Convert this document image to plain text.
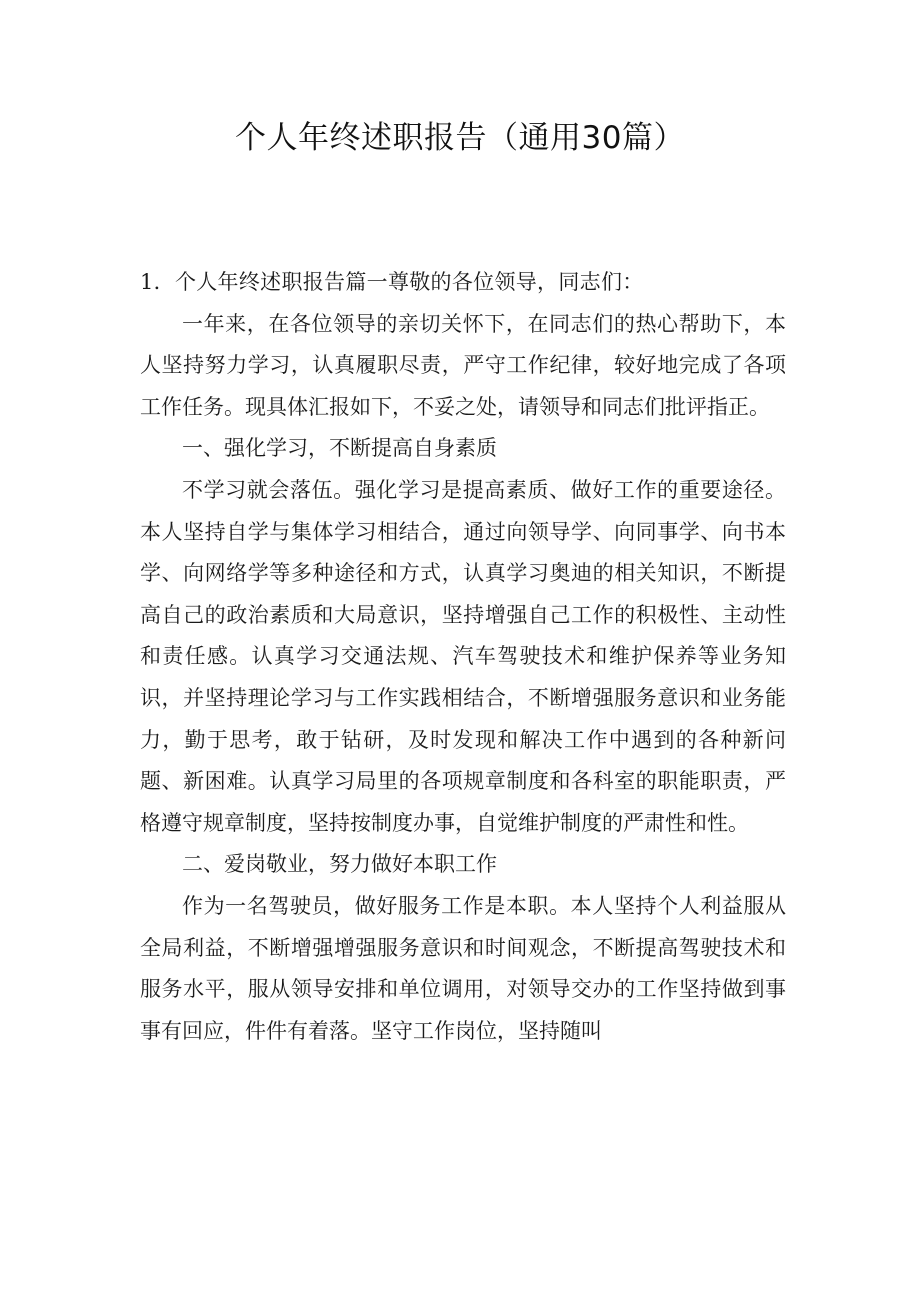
个人年终述职报告（通用30篇）

1．个人年终述职报告篇一尊敬的各位领导，同志们：

一年来，在各位领导的亲切关怀下，在同志们的热心帮助下，本人坚持努力学习，认真履职尽责，严守工作纪律，较好地完成了各项工作任务。现具体汇报如下，不妥之处，请领导和同志们批评指正。

一、强化学习，不断提高自身素质

不学习就会落伍。强化学习是提高素质、做好工作的重要途径。本人坚持自学与集体学习相结合，通过向领导学、向同事学、向书本学、向网络学等多种途径和方式，认真学习奥迪的相关知识，不断提高自己的政治素质和大局意识，坚持增强自己工作的积极性、主动性和责任感。认真学习交通法规、汽车驾驶技术和维护保养等业务知识，并坚持理论学习与工作实践相结合，不断增强服务意识和业务能力，勤于思考，敢于钻研，及时发现和解决工作中遇到的各种新问题、新困难。认真学习局里的各项规章制度和各科室的职能职责，严格遵守规章制度，坚持按制度办事，自觉维护制度的严肃性和性。

二、爱岗敬业，努力做好本职工作

作为一名驾驶员，做好服务工作是本职。本人坚持个人利益服从全局利益，不断增强增强服务意识和时间观念，不断提高驾驶技术和服务水平，服从领导安排和单位调用，对领导交办的工作坚持做到事事有回应，件件有着落。坚守工作岗位，坚持随叫
